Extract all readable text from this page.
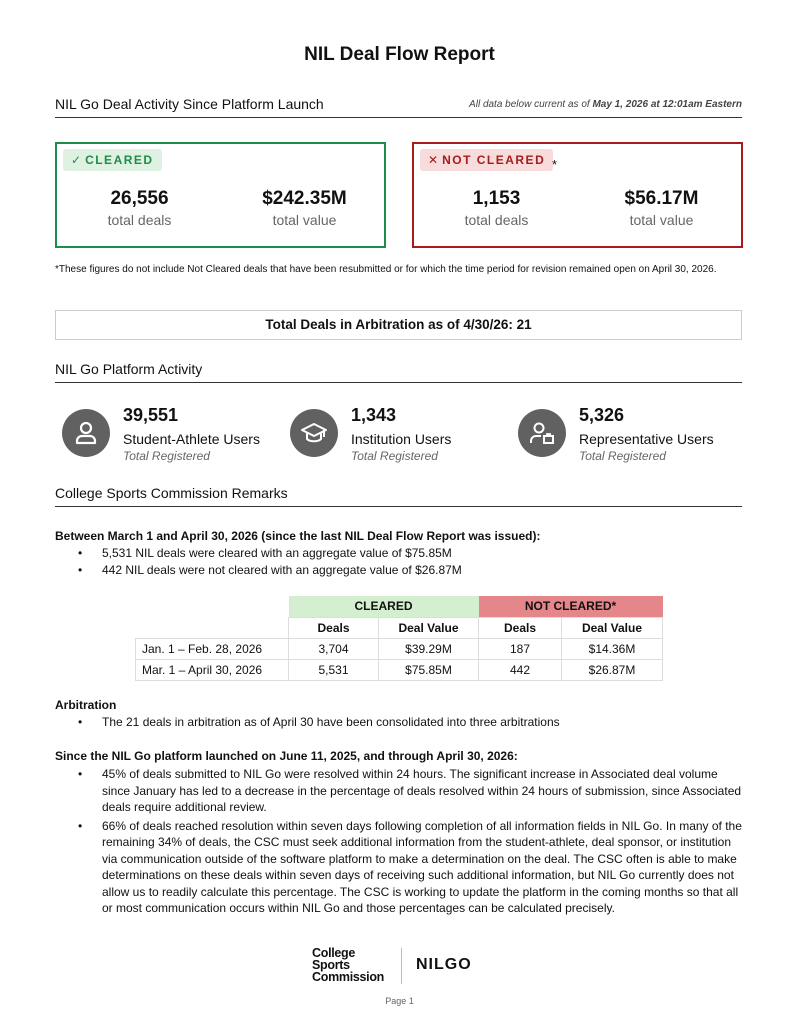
NIL Deal Flow Report
NIL Go Deal Activity Since Platform Launch	All data below current as of May 1, 2026 at 12:01am Eastern
✓ CLEARED
26,556
total deals
$242.35M
total value
✕ NOT CLEARED *
1,153
total deals
$56.17M
total value
*These figures do not include Not Cleared deals that have been resubmitted or for which the time period for revision remained open on April 30, 2026.
Total Deals in Arbitration as of 4/30/26: 21
NIL Go Platform Activity
39,551
Student-Athlete Users
Total Registered
1,343
Institution Users
Total Registered
5,326
Representative Users
Total Registered
College Sports Commission Remarks
Between March 1 and April 30, 2026 (since the last NIL Deal Flow Report was issued):
• 5,531 NIL deals were cleared with an aggregate value of $75.85M
• 442 NIL deals were not cleared with an aggregate value of $26.87M
	CLEARED		NOT CLEARED*	
	Deals	Deal Value	Deals	Deal Value
Jan. 1 – Feb. 28, 2026	3,704	$39.29M	187	$14.36M
Mar. 1 – April 30, 2026	5,531	$75.85M	442	$26.87M
Arbitration
• The 21 deals in arbitration as of April 30 have been consolidated into three arbitrations
Since the NIL Go platform launched on June 11, 2025, and through April 30, 2026:
• 45% of deals submitted to NIL Go were resolved within 24 hours. The significant increase in Associated deal volume since January has led to a decrease in the percentage of deals resolved within 24 hours of submission, since Associated deals require additional review.
• 66% of deals reached resolution within seven days following completion of all information fields in NIL Go. In many of the remaining 34% of deals, the CSC must seek additional information from the student-athlete, deal sponsor, or institution via communication outside of the software platform to make a determination on the deal. The CSC often is able to make determinations on these deals within seven days of receiving such additional information, but NIL Go currently does not allow us to readily calculate this percentage. The CSC is working to update the platform in the coming months so that all or most communication occurs within NIL Go and those percentages can be calculated precisely.
College
Sports
Commission
NILGO
Page 1
